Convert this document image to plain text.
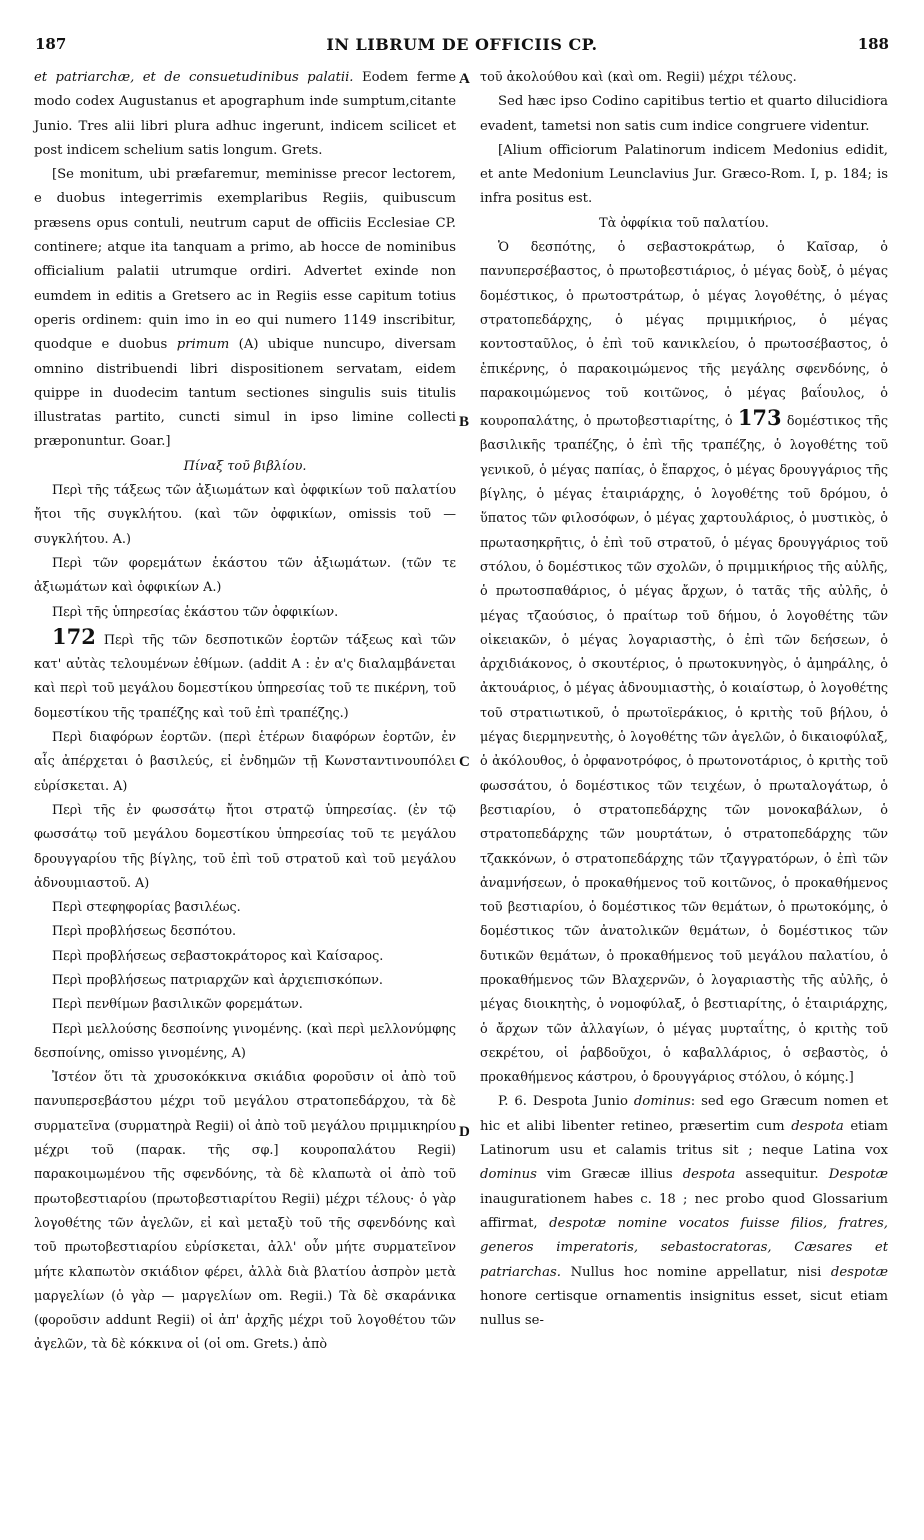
187	IN LIBRUM DE OFFICIIS CP.	188
A
B
C
D

et patriarchæ, et de consuetudinibus palatii. Eodem ferme modo codex Augustanus et apographum inde sumptum,citante Junio. Tres alii libri plura adhuc ingerunt, indicem scilicet et post indicem schelium satis longum. Grets.

[Se monitum, ubi præfaremur, meminisse precor lectorem, e duobus integerrimis exemplaribus Regiis, quibuscum præsens opus contuli, neutrum caput de officiis Ecclesiae CP. continere; atque ita tanquam a primo, ab hocce de nominibus officialium palatii utrumque ordiri. Advertet exinde non eumdem in editis a Gretsero ac in Regiis esse capitum totius operis ordinem: quin imo in eo qui numero 1149 inscribitur, quodque e duobus primum (A) ubique nuncupo, diversam omnino distribuendi libri dispositionem servatam, eidem quippe in duodecim tantum sectiones singulis suis titulis illustratas partito, cuncti simul in ipso limine collecti præponuntur. Goar.]

Πίναξ τοῦ βιβλίου.

Περὶ τῆς τάξεως τῶν ἀξιωμάτων καὶ ὀφφικίων τοῦ παλατίου ἤτοι τῆς συγκλήτου. (καὶ τῶν ὀφφικίων, omissis τοῦ — συγκλήτου. A.)

Περὶ τῶν φορεμάτων ἑκάστου τῶν ἀξιωμάτων. (τῶν τε ἀξιωμάτων καὶ ὀφφικίων A.)

Περὶ τῆς ὑπηρεσίας ἑκάστου τῶν ὀφφικίων.

172 Περὶ τῆς τῶν δεσποτικῶν ἑορτῶν τάξεως καὶ τῶν κατ' αὐτὰς τελουμένων ἐθίμων. (addit A : ἐν α'ς διαλαμβάνεται καὶ περὶ τοῦ μεγάλου δομεστίκου ὑπηρεσίας τοῦ τε πικέρνη, τοῦ δομεστίκου τῆς τραπέζης καὶ τοῦ ἐπὶ τραπέζης.)

Περὶ διαφόρων ἑορτῶν. (περὶ ἑτέρων διαφόρων ἑορτῶν, ἐν αἷς ἀπέρχεται ὁ βασιλεύς, εἰ ἐνδημῶν τῇ Κωνσταντινουπόλει εὑρίσκεται. A)

Περὶ τῆς ἐν φωσσάτῳ ἤτοι στρατῷ ὑπηρεσίας. (ἐν τῷ φωσσάτῳ τοῦ μεγάλου δομεστίκου ὑπηρεσίας τοῦ τε μεγάλου δρουγγαρίου τῆς βίγλης, τοῦ ἐπὶ τοῦ στρατοῦ καὶ τοῦ μεγάλου ἀδνουμιαστοῦ. A)

Περὶ στεφηφορίας βασιλέως.

Περὶ προβλήσεως δεσπότου.

Περὶ προβλήσεως σεβαστοκράτορος καὶ Καίσαρος.

Περὶ προβλήσεως πατριαρχῶν καὶ ἀρχιεπισκόπων.

Περὶ πενθίμων βασιλικῶν φορεμάτων.

Περὶ μελλούσης δεσποίνης γινομένης. (καὶ περὶ μελλονύμφης δεσποίνης, omisso γινομένης, A)

Ἰστέον ὅτι τὰ χρυσοκόκκινα σκιάδια φοροῦσιν οἱ ἀπὸ τοῦ πανυπερσεβάστου μέχρι τοῦ μεγάλου στρατοπεδάρχου, τὰ δὲ συρματεῖνα (συρματηρὰ Regii) οἱ ἀπὸ τοῦ μεγάλου πριμμικηρίου μέχρι τοῦ (παρακ. τῆς σφ.] κουροπαλάτου Regii) παρακοιμωμένου τῆς σφενδόνης, τὰ δὲ κλαπωτὰ οἱ ἀπὸ τοῦ πρωτοβεστιαρίου (πρωτοβεστιαρίτου Regii) μέχρι τέλους· ὁ γὰρ λογοθέτης τῶν ἀγελῶν, εἰ καὶ μεταξὺ τοῦ τῆς σφενδόνης καὶ τοῦ πρωτοβεστιαρίου εὑρίσκεται, ἀλλ' οὖν μήτε συρματεῖνον μήτε κλαπωτὸν σκιάδιον φέρει, ἀλλὰ διὰ βλατίου ἀσπρὸν μετὰ μαργελίων (ὁ γὰρ — μαργελίων om. Regii.) Τὰ δὲ σκαράνικα (φοροῦσιν addunt Regii) οἱ ἀπ' ἀρχῆς μέχρι τοῦ λογοθέτου τῶν ἀγελῶν, τὰ δὲ κόκκινα οἱ (οἱ om. Grets.) ἀπὸ

τοῦ ἀκολούθου καὶ (καὶ om. Regii) μέχρι τέλους.

Sed hæc ipso Codino capitibus tertio et quarto dilucidiora evadent, tametsi non satis cum indice congruere videntur.

[Alium officiorum Palatinorum indicem Medonius edidit, et ante Medonium Leunclavius Jur. Græco-Rom. I, p. 184; is infra positus est.

Τὰ ὀφφίκια τοῦ παλατίου.

Ὁ δεσπότης, ὁ σεβαστοκράτωρ, ὁ Καῖσαρ, ὁ πανυπερσέβαστος, ὁ πρωτοβεστιάριος, ὁ μέγας δοὺξ, ὁ μέγας δομέστικος, ὁ πρωτοστράτωρ, ὁ μέγας λογοθέτης, ὁ μέγας στρατοπεδάρχης, ὁ μέγας πριμμικήριος, ὁ μέγας κοντοσταῦλος, ὁ ἐπὶ τοῦ κανικλείου, ὁ πρωτοσέβαστος, ὁ ἐπικέρνης, ὁ παρακοιμώμενος τῆς μεγάλης σφενδόνης, ὁ παρακοιμώμενος τοῦ κοιτῶνος, ὁ μέγας βαΐουλος, ὁ κουροπαλάτης, ὁ πρωτοβεστιαρίτης, ὁ 173 δομέστικος τῆς βασιλικῆς τραπέζης, ὁ ἐπὶ τῆς τραπέζης, ὁ λογοθέτης τοῦ γενικοῦ, ὁ μέγας παπίας, ὁ ἔπαρχος, ὁ μέγας δρουγγάριος τῆς βίγλης, ὁ μέγας ἑταιριάρχης, ὁ λογοθέτης τοῦ δρόμου, ὁ ὕπατος τῶν φιλοσόφων, ὁ μέγας χαρτουλάριος, ὁ μυστικὸς, ὁ πρωτασηκρῆτις, ὁ ἐπὶ τοῦ στρατοῦ, ὁ μέγας δρουγγάριος τοῦ στόλου, ὁ δομέστικος τῶν σχολῶν, ὁ πριμμικήριος τῆς αὐλῆς, ὁ πρωτοσπαθάριος, ὁ μέγας ἄρχων, ὁ τατᾶς τῆς αὐλῆς, ὁ μέγας τζαούσιος, ὁ πραίτωρ τοῦ δήμου, ὁ λογοθέτης τῶν οἰκειακῶν, ὁ μέγας λογαριαστὴς, ὁ ἐπὶ τῶν δεήσεων, ὁ ἀρχιδιάκονος, ὁ σκουτέριος, ὁ πρωτοκυνηγὸς, ὁ ἀμηράλης, ὁ ἀκτουάριος, ὁ μέγας ἀδνουμιαστὴς, ὁ κοιαίστωρ, ὁ λογοθέτης τοῦ στρατιωτικοῦ, ὁ πρωτοϊεράκιος, ὁ κριτὴς τοῦ βήλου, ὁ μέγας διερμηνευτὴς, ὁ λογοθέτης τῶν ἀγελῶν, ὁ δικαιοφύλαξ, ὁ ἀκόλουθος, ὁ ὀρφανοτρόφος, ὁ πρωτονοτάριος, ὁ κριτὴς τοῦ φωσσάτου, ὁ δομέστικος τῶν τειχέων, ὁ πρωταλογάτωρ, ὁ βεστιαρίου, ὁ στρατοπεδάρχης τῶν μονοκαβάλων, ὁ στρατοπεδάρχης τῶν μουρτάτων, ὁ στρατοπεδάρχης τῶν τζακκόνων, ὁ στρατοπεδάρχης τῶν τζαγγρατόρων, ὁ ἐπὶ τῶν ἀναμνήσεων, ὁ προκαθήμενος τοῦ κοιτῶνος, ὁ προκαθήμενος τοῦ βεστιαρίου, ὁ δομέστικος τῶν θεμάτων, ὁ πρωτοκόμης, ὁ δομέστικος τῶν ἀνατολικῶν θεμάτων, ὁ δομέστικος τῶν δυτικῶν θεμάτων, ὁ προκαθήμενος τοῦ μεγάλου παλατίου, ὁ προκαθήμενος τῶν Βλαχερνῶν, ὁ λογαριαστὴς τῆς αὐλῆς, ὁ μέγας διοικητὴς, ὁ νομοφύλαξ, ὁ βεστιαρίτης, ὁ ἑταιριάρχης, ὁ ἄρχων τῶν ἀλλαγίων, ὁ μέγας μυρταΐτης, ὁ κριτὴς τοῦ σεκρέτου, οἱ ῥαβδοῦχοι, ὁ καβαλλάριος, ὁ σεβαστὸς, ὁ προκαθήμενος κάστρου, ὁ δρουγγάριος στόλου, ὁ κόμης.]

P. 6. Despota Junio dominus: sed ego Græcum nomen et hic et alibi libenter retineo, præsertim cum despota etiam Latinorum usu et calamis tritus sit ; neque Latina vox dominus vim Græcæ illius despota assequitur. Despotæ inaugurationem habes c. 18 ; nec probo quod Glossarium affirmat, despotæ nomine vocatos fuisse filios, fratres, generos imperatoris, sebastocratoras, Cæsares et patriarchas. Nullus hoc nomine appellatur, nisi despotæ honore certisque ornamentis insignitus esset, sicut etiam nullus se-
